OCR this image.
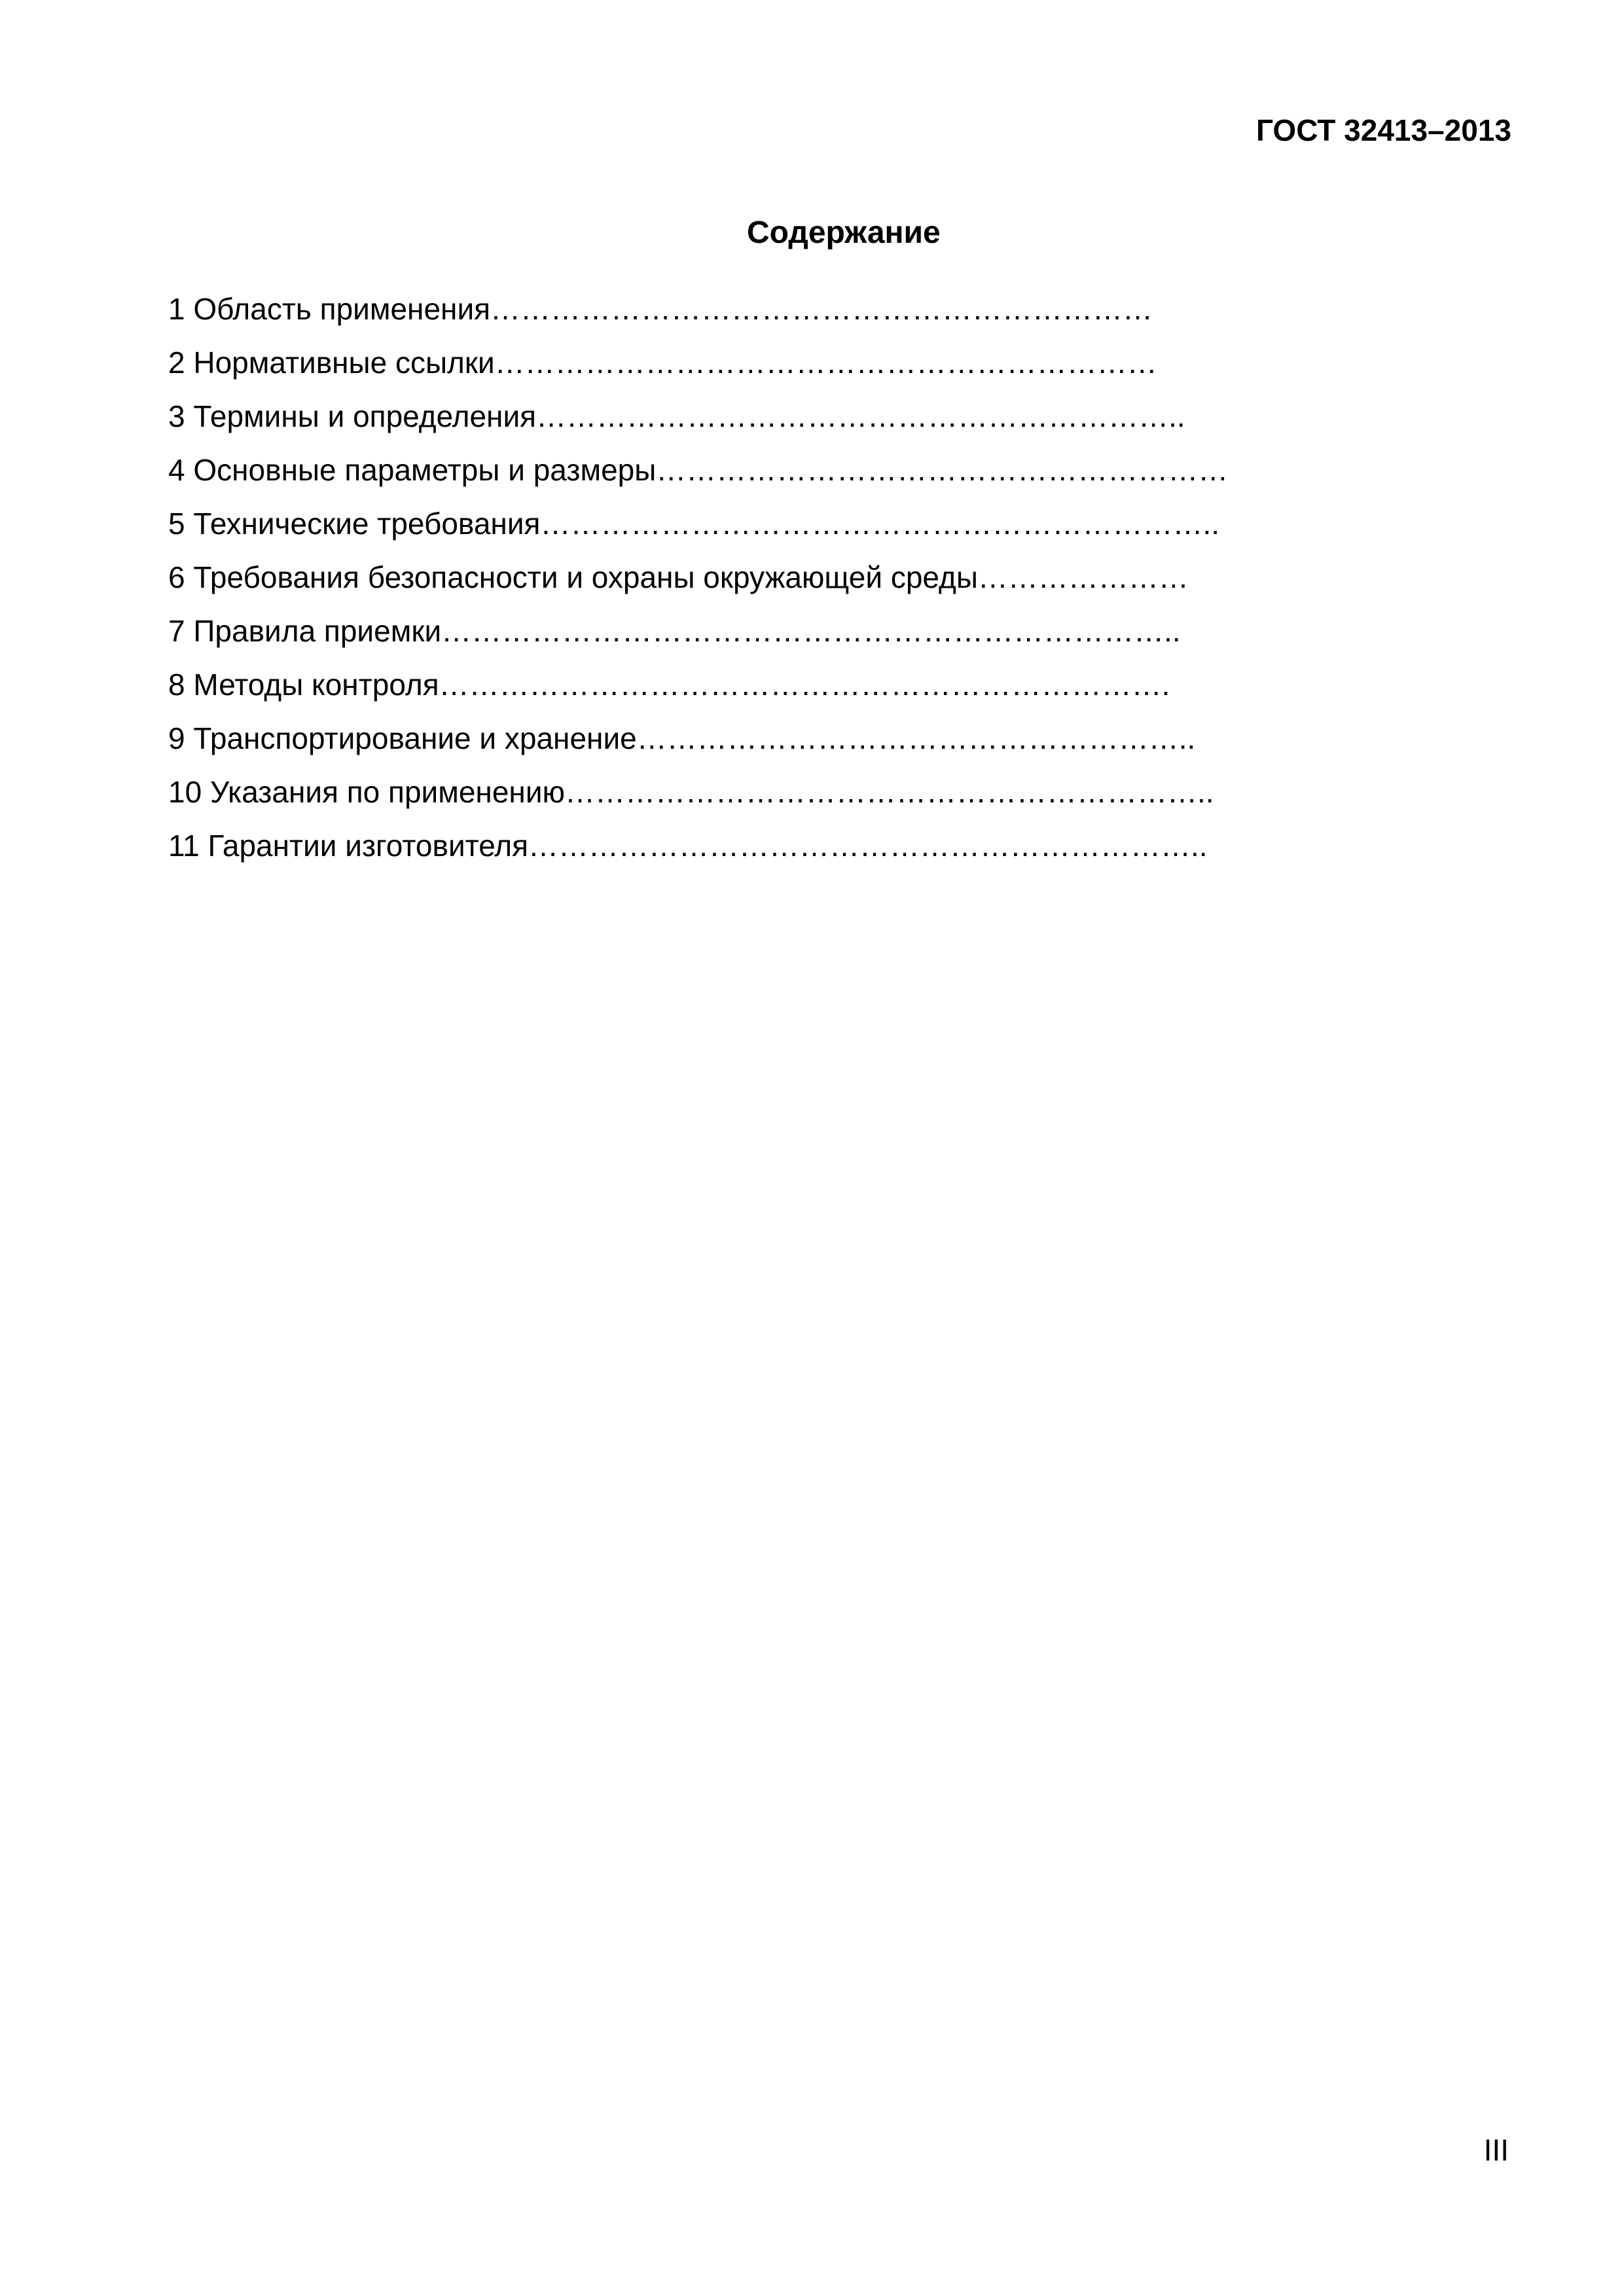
ГОСТ 32413–2013
Содержание
1 Область применения…………………………………………………………
2 Нормативные ссылки…………………………………………………………
3 Термины и определения………………………………………………………..
4 Основные параметры и размеры…………………………………………………
5 Технические требования…………………………………………………………..
6 Требования безопасности и охраны окружающей среды…………………
7 Правила приемки………………………………………………………………..
8 Методы контроля……………………………………………………………….
9 Транспортирование и хранение………………………………………………..
10 Указания по применению………………………………………………………..
11 Гарантии изготовителя…………………………………………………………..
III
